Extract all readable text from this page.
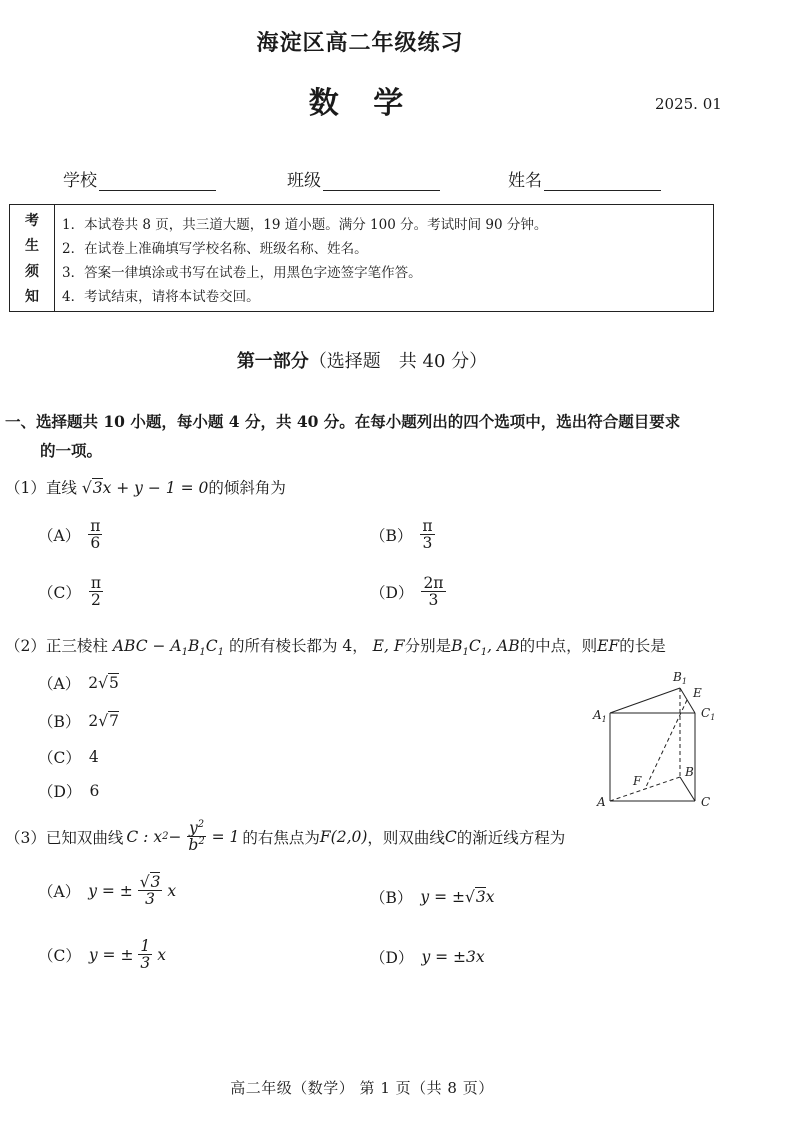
海淀区高二年级练习
数 学	2025. 01
学校	班级	姓名
考
生
须
知
1．本试卷共 8 页，共三道大题，19 道小题。满分 100 分。考试时间 90 分钟。
2．在试卷上准确填写学校名称、班级名称、姓名。
3．答案一律填涂或书写在试卷上，用黑色字迹签字笔作答。
4．考试结束，请将本试卷交回。
第一部分（选择题　共 40 分）
一、选择题共 10 小题，每小题 4 分，共 40 分。在每小题列出的四个选项中，选出符合题目要求
的一项。
（1）直线 √3x + y − 1 = 0的倾斜角为
$(A) \frac{\pi}{6}$	$(B) \frac{\pi}{3}$
$(C) \frac{\pi}{2}$	$(D) \frac{2\pi}{3}$
（2）正三棱柱 ABC − $A_1B_1C_1$ 的所有棱长都为 4， E, F分别是$B_1C_1$, AB的中点，则EF的长是
（A） 2√5
（B） 2√7
（C） 4
（D） 6
$B_1$
E
$A_1$	$C_1$
F
B
A	C
（3） 已知双曲线 C : x $2 - \frac{y^2}{b^2} = 1$ 的右焦点为 F(2,0) ，则双曲线 C 的渐近线方程为
（A） y = ± $\frac{√3}{3}$ x	（B） y = ±√3x
（C） y = ± $\frac{1}{3}$ x	（D） y = ±3x
高二年级（数学） 第 1 页（共 8 页）
